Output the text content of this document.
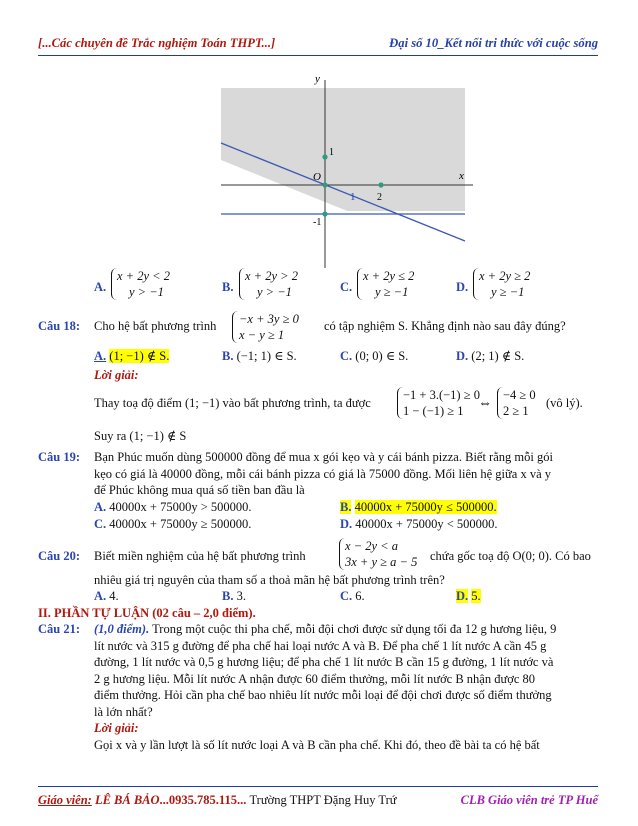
[...Các chuyên đề Trắc nghiệm Toán THPT...]	Đại số 10_Kết nối tri thức với cuộc sống
y
x
O
1
1 2
-1
A.
x + 2y < 2
y > −1	B.
x + 2y > 2
y > −1	C.
x + 2y ≤ 2
y ≥ −1	D.
x + 2y ≥ 2
y ≥ −1
Câu 18: Cho hệ bất phương trình −x + 3y ≥ 0
x − y ≥ 1
có tập nghiệm S. Khẳng định nào sau đây đúng?
A. (1; −1) ∉ S.	B. (−1; 1) ∈ S.	C. (0; 0) ∈ S.	D. (2; 1) ∉ S.
Lời giải:
Thay toạ độ điểm (1; −1) vào bất phương trình, ta được
−1 + 3.(−1) ≥ 0
1 − (−1) ≥ 1	⇔
−4 ≥ 0
2 ≥ 1
(vô lý).
Suy ra (1; −1) ∉ S
Câu 19: Bạn Phúc muốn dùng 500000 đồng để mua x gói kẹo và y cái bánh pizza. Biết rằng mỗi gói
kẹo có giá là 40000 đồng, mỗi cái bánh pizza có giá là 75000 đồng. Mối liên hệ giữa x và y
để Phúc không mua quá số tiền ban đầu là
A. 40000x + 75000y > 500000.	B. 40000x + 75000y ≤ 500000.
C. 40000x + 75000y ≥ 500000.	D. 40000x + 75000y < 500000.
Câu 20: Biết miền nghiệm của hệ bất phương trình
x − 2y < a
3x + y ≥ a − 5 chứa gốc toạ độ O(0; 0). Có bao
nhiêu giá trị nguyên của tham số a thoả mãn hệ bất phương trình trên?
A. 4.	B. 3.	C. 6.	D. 5.
II. PHẦN TỰ LUẬN (02 câu – 2,0 điểm).
Câu 21: (1,0 điểm). Trong một cuộc thi pha chế, mỗi đội chơi được sử dụng tối đa 12 g hương liệu, 9
lít nước và 315 g đường để pha chế hai loại nước A và B. Để pha chế 1 lít nước A cần 45 g
đường, 1 lít nước và 0,5 g hương liệu; để pha chế 1 lít nước B cần 15 g đường, 1 lít nước và
2 g hương liệu. Mỗi lít nước A nhận được 60 điểm thưởng, mỗi lít nước B nhận được 80
điểm thưởng. Hỏi cần pha chế bao nhiêu lít nước mỗi loại để đội chơi được số điểm thưởng
là lớn nhất?
Lời giải:
Gọi x và y lần lượt là số lít nước loại A và B cần pha chế. Khi đó, theo đề bài ta có hệ bất
Giáo viên: LÊ BÁ BẢO...0935.785.115... Trường THPT Đặng Huy Trứ	CLB Giáo viên trẻ TP Huế
